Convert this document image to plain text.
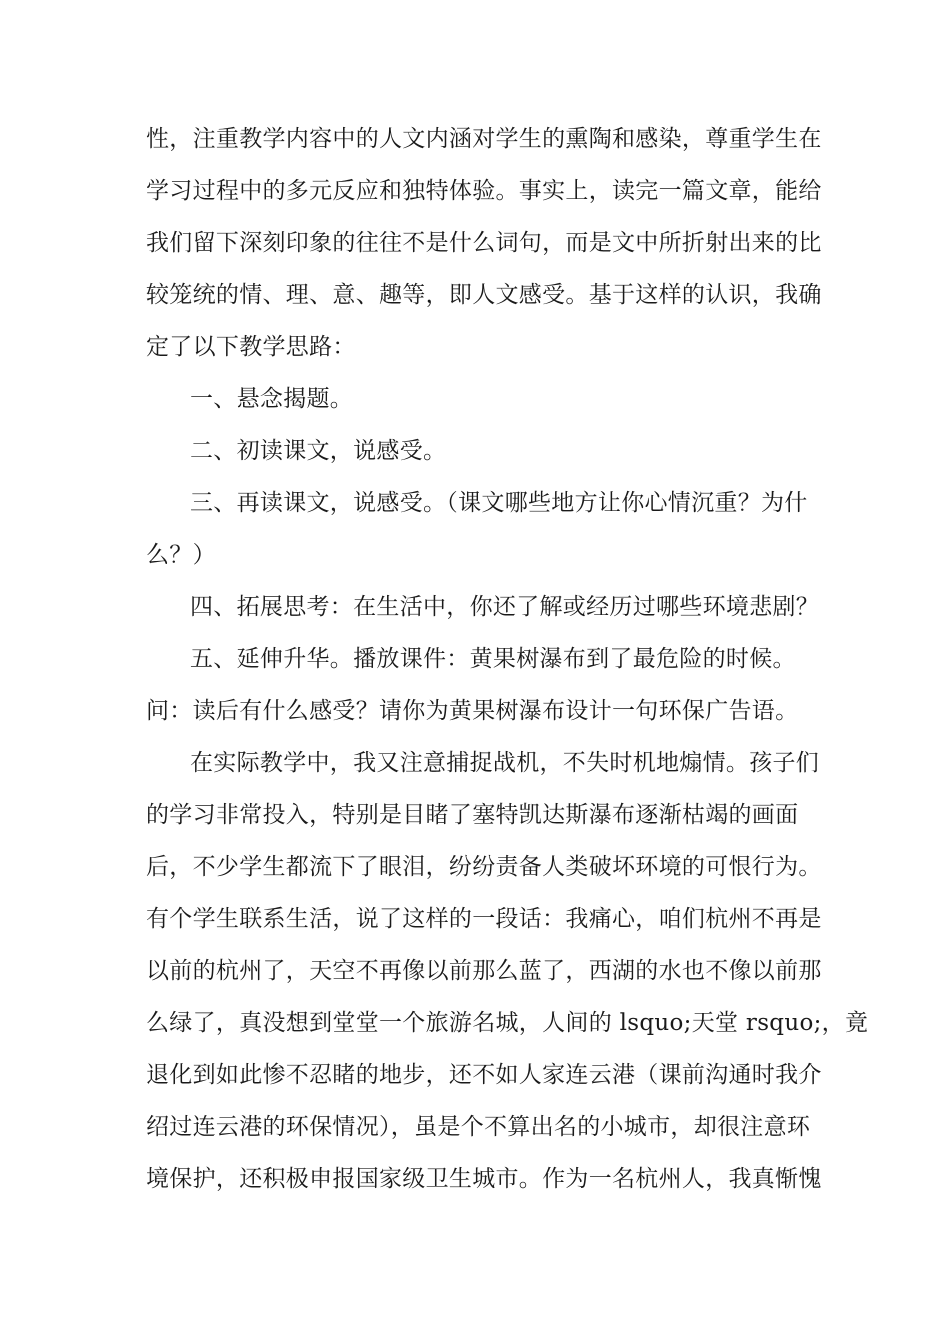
性，注重教学内容中的人文内涵对学生的熏陶和感染，尊重学生在
学习过程中的多元反应和独特体验。事实上，读完一篇文章，能给
我们留下深刻印象的往往不是什么词句，而是文中所折射出来的比
较笼统的情、理、意、趣等，即人文感受。基于这样的认识，我确
定了以下教学思路：
一、悬念揭题。
二、初读课文，说感受。
三、再读课文，说感受。（课文哪些地方让你心情沉重？为什
么？）
四、拓展思考：在生活中，你还了解或经历过哪些环境悲剧？
五、延伸升华。播放课件：黄果树瀑布到了最危险的时候。
问：读后有什么感受？请你为黄果树瀑布设计一句环保广告语。
在实际教学中，我又注意捕捉战机，不失时机地煽情。孩子们
的学习非常投入，特别是目睹了塞特凯达斯瀑布逐渐枯竭的画面
后，不少学生都流下了眼泪，纷纷责备人类破坏环境的可恨行为。
有个学生联系生活，说了这样的一段话：我痛心，咱们杭州不再是
以前的杭州了，天空不再像以前那么蓝了，西湖的水也不像以前那
么绿了，真没想到堂堂一个旅游名城，人间的 lsquo;天堂 rsquo;，竟
退化到如此惨不忍睹的地步，还不如人家连云港（课前沟通时我介
绍过连云港的环保情况），虽是个不算出名的小城市，却很注意环
境保护，还积极申报国家级卫生城市。作为一名杭州人，我真惭愧
